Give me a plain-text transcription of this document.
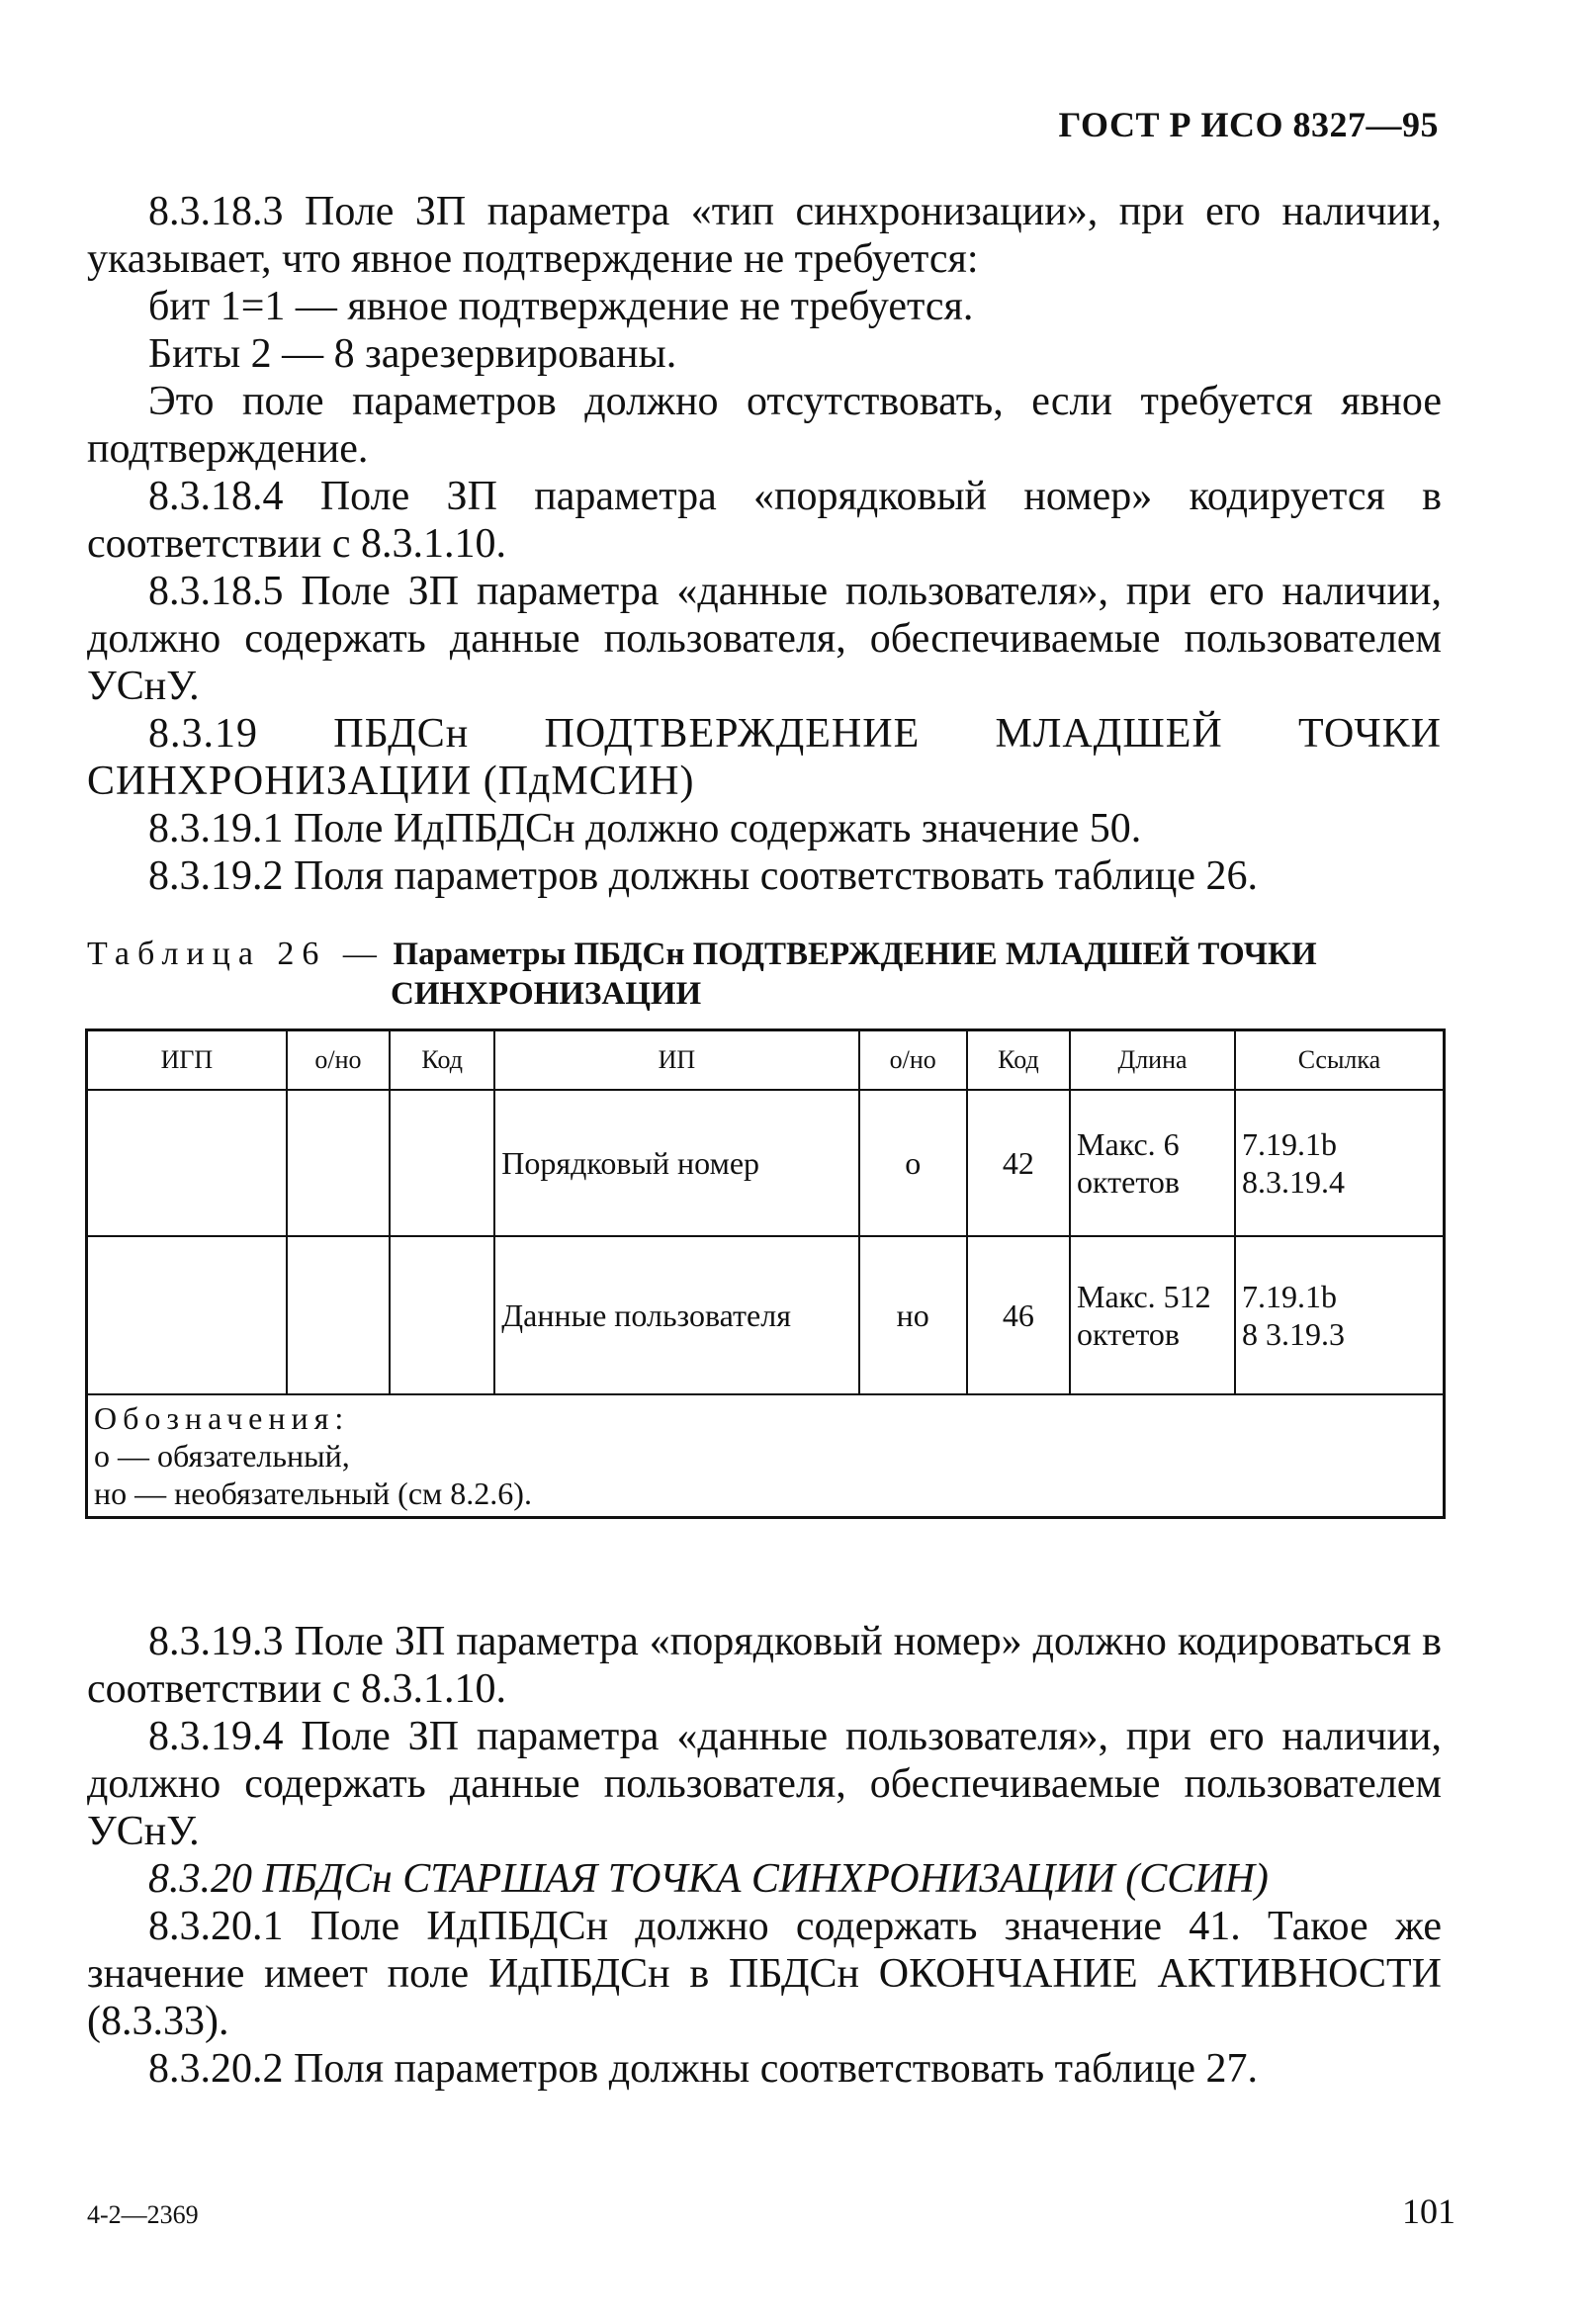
ГОСТ Р ИСО 8327—95

8.3.18.3 Поле ЗП параметра «тип синхронизации», при его наличии, указывает, что явное подтверждение не требуется:

бит 1=1 — явное подтверждение не требуется.

Биты 2 — 8 зарезервированы.

Это поле параметров должно отсутствовать, если требуется явное подтверждение.

8.3.18.4 Поле ЗП параметра «порядковый номер» кодируется в соответствии с 8.3.1.10.

8.3.18.5 Поле ЗП параметра «данные пользователя», при его наличии, должно содержать данные пользователя, обеспечиваемые пользователем УСнУ.

8.3.19 ПБДСн ПОДТВЕРЖДЕНИЕ МЛАДШЕЙ ТОЧКИ СИНХРОНИЗАЦИИ (ПдМСИН)

8.3.19.1 Поле ИдПБДСн должно содержать значение 50.

8.3.19.2 Поля параметров должны соответствовать таблице 26.

Таблица 26 — Параметры ПБДСн ПОДТВЕРЖДЕНИЕ МЛАДШЕЙ ТОЧКИ
СИНХРОНИЗАЦИИ
ИГП	о/но	Код	ИП	о/но	Код	Длина	Ссылка
			Порядковый номер	о	42	Макс. 6 октетов	7.19.1b
8.3.19.4

			Данные пользователя	но	46	Макс. 512 октетов	7.19.1b
8 3.19.3

Обозначения:
о — обязательный,
но — необязательный (см 8.2.6).							

8.3.19.3 Поле ЗП параметра «порядковый номер» должно кодироваться в соответствии с 8.3.1.10.

8.3.19.4 Поле ЗП параметра «данные пользователя», при его наличии, должно содержать данные пользователя, обеспечиваемые пользователем УСнУ.

8.3.20 ПБДСн СТАРШАЯ ТОЧКА СИНХРОНИЗАЦИИ (ССИН)

8.3.20.1 Поле ИдПБДСн должно содержать значение 41. Такое же значение имеет поле ИдПБДСн в ПБДСн ОКОНЧАНИЕ АКТИВНОСТИ (8.3.33).

8.3.20.2 Поля параметров должны соответствовать таблице 27.

4-2—2369	101
